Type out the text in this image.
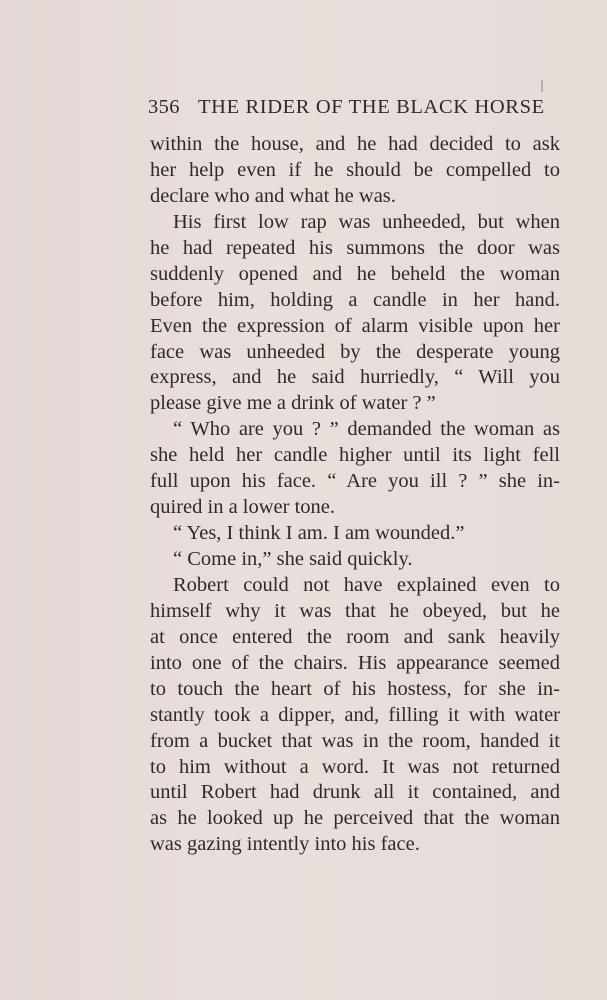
356 THE RIDER OF THE BLACK HORSE
within the house, and he had decided to ask
her help even if he should be compelled to
declare who and what he was.
His first low rap was unheeded, but when
he had repeated his summons the door was
suddenly opened and he beheld the woman
before him, holding a candle in her hand.
Even the expression of alarm visible upon her
face was unheeded by the desperate young
express, and he said hurriedly, “ Will you
please give me a drink of water ? ”
“ Who are you ? ” demanded the woman as
she held her candle higher until its light fell
full upon his face. “ Are you ill ? ” she in-
quired in a lower tone.
“ Yes, I think I am. I am wounded.”
“ Come in,” she said quickly.
Robert could not have explained even to
himself why it was that he obeyed, but he
at once entered the room and sank heavily
into one of the chairs. His appearance seemed
to touch the heart of his hostess, for she in-
stantly took a dipper, and, filling it with water
from a bucket that was in the room, handed it
to him without a word. It was not returned
until Robert had drunk all it contained, and
as he looked up he perceived that the woman
was gazing intently into his face.
